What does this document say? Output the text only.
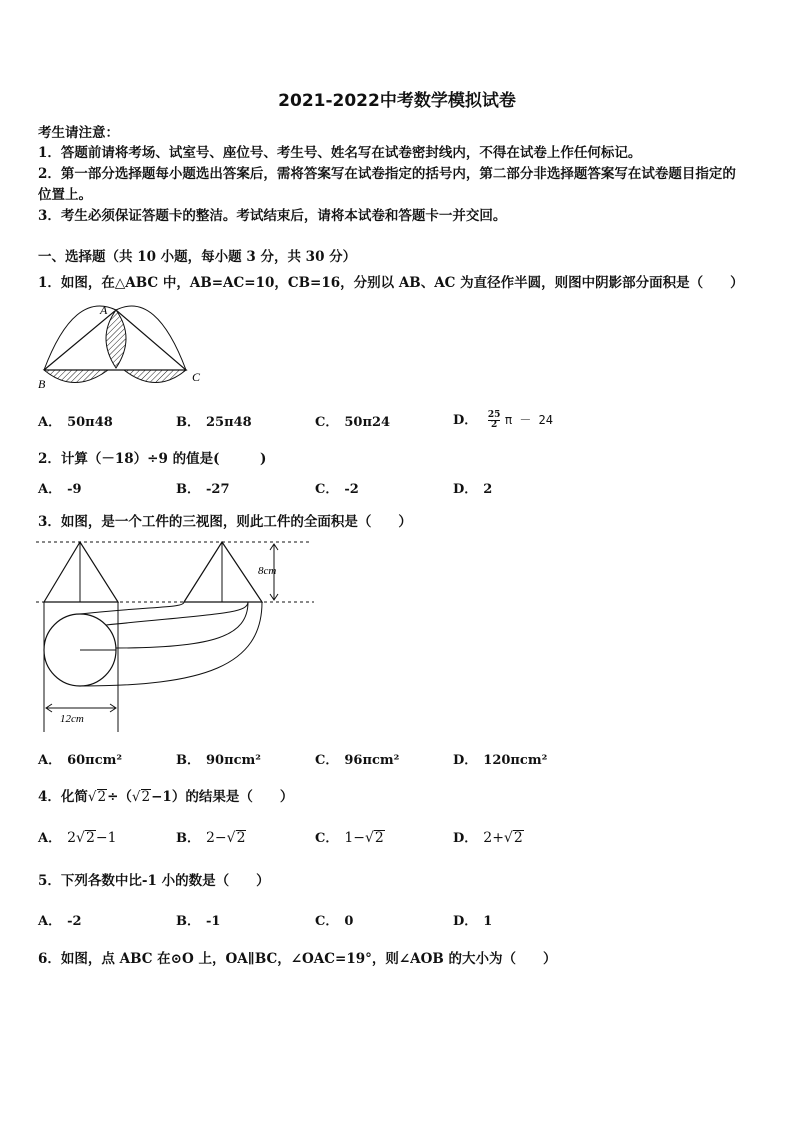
2021-2022中考数学模拟试卷
考生请注意：
1．答题前请将考场、试室号、座位号、考生号、姓名写在试卷密封线内，不得在试卷上作任何标记。
2．第一部分选择题每小题选出答案后，需将答案写在试卷指定的括号内，第二部分非选择题答案写在试卷题目指定的
位置上。
3．考生必须保证答题卡的整洁。考试结束后，请将本试卷和答题卡一并交回。
一、选择题（共 10 小题，每小题 3 分，共 30 分）
1．如图，在△ABC 中，AB=AC=10，CB=16，分别以 AB、AC 为直径作半圆，则图中阴影部分面积是（　　）
A
B	C
A． 50π48	B． 25π48	C． 50π24	D． $\frac{25}{2}$ π － 24
2．计算（－18）÷9 的值是(　　　)
A． -9	B． -27	C． -2	D． 2
3．如图，是一个工件的三视图，则此工件的全面积是（　　）
8cm
12cm
A． 60πcm²	B． 90πcm²	C． 96πcm²	D． 120πcm²
4．化简√2÷（√2−1）的结果是（　　）
A． 2√2−1	B． 2−√2	C． 1−√2	D． 2+√2
5．下列各数中比-1 小的数是（　　）
A． -2	B． -1	C． 0	D． 1
6．如图，点 ABC 在⊙O 上，OA∥BC，∠OAC=19°，则∠AOB 的大小为（　　）
